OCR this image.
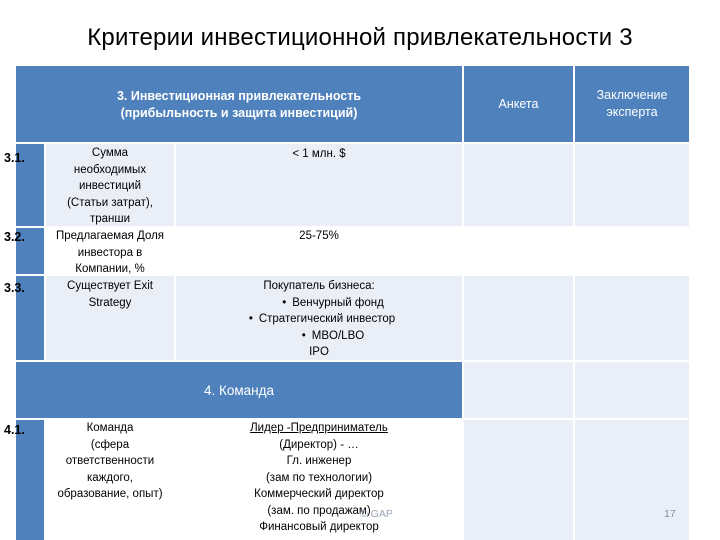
Критерии инвестиционной привлекательности 3
3. Инвестиционная привлекательность
(прибыльность и защита инвестиций)
Анкета
Заключение
эксперта
4. Команда
3.1.
3.2.
3.3.
4.1.
Сумма
необходимых
инвестиций
(Статьи затрат),
транши
< 1 млн. $
Предлагаемая Доля
инвестора в
Компании, %
25-75%
Существует Exit
Strategy
Покупатель бизнеса:
• Венчурный фонд
• Стратегический инвестор
• MBO/LBO
IPO
Команда
(сфера
ответственности
каждого,
образование, опыт)
Лидер -Предприниматель
(Директор) - …
Гл. инженер
(зам по технологии)
Коммерческий директор
(зам. по продажам)
Финансовый директор
© GAP	17
